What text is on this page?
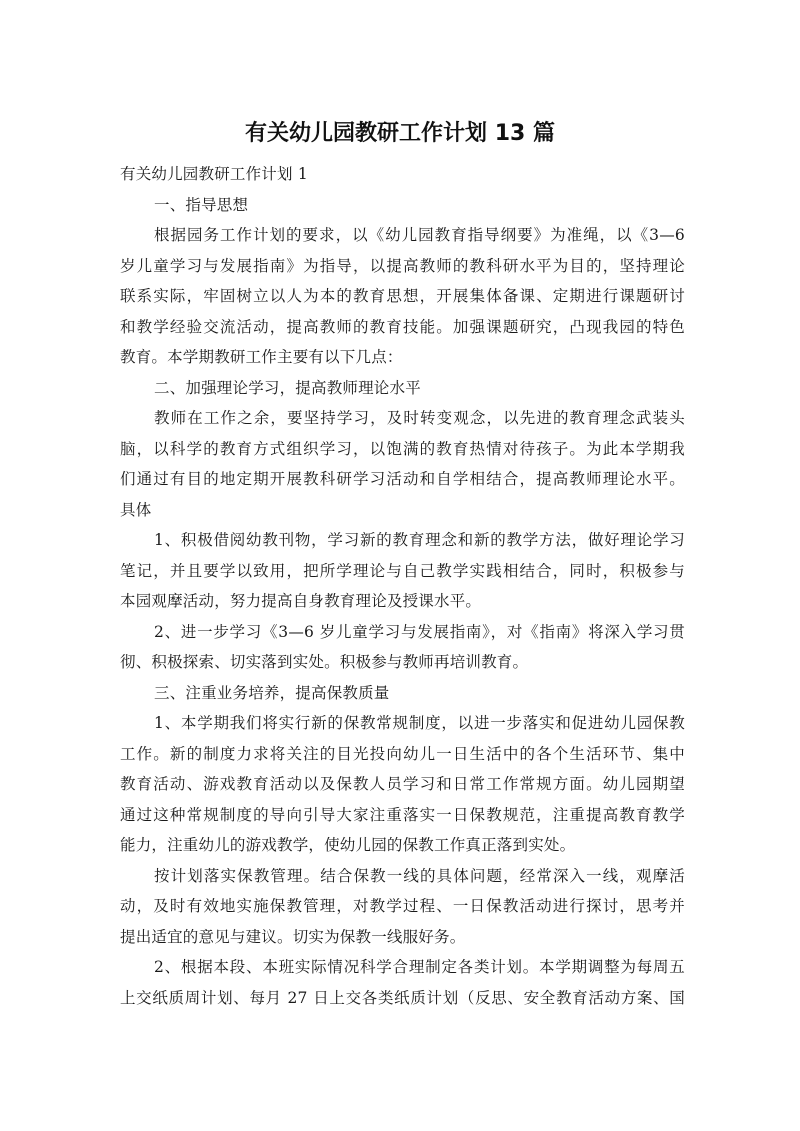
有关幼儿园教研工作计划 13 篇
有关幼儿园教研工作计划 1
一、指导思想
根据园务工作计划的要求，以《幼儿园教育指导纲要》为准绳，以《3—6
岁儿童学习与发展指南》为指导，以提高教师的教科研水平为目的，坚持理论
联系实际，牢固树立以人为本的教育思想，开展集体备课、定期进行课题研讨
和教学经验交流活动，提高教师的教育技能。加强课题研究，凸现我园的特色
教育。本学期教研工作主要有以下几点：
二、加强理论学习，提高教师理论水平
教师在工作之余，要坚持学习，及时转变观念，以先进的教育理念武装头
脑，以科学的教育方式组织学习，以饱满的教育热情对待孩子。为此本学期我
们通过有目的地定期开展教科研学习活动和自学相结合，提高教师理论水平。
具体
1、积极借阅幼教刊物，学习新的教育理念和新的教学方法，做好理论学习
笔记，并且要学以致用，把所学理论与自己教学实践相结合，同时，积极参与
本园观摩活动，努力提高自身教育理论及授课水平。
2、进一步学习《3—6 岁儿童学习与发展指南》，对《指南》将深入学习贯
彻、积极探索、切实落到实处。积极参与教师再培训教育。
三、注重业务培养，提高保教质量
1、本学期我们将实行新的保教常规制度，以进一步落实和促进幼儿园保教
工作。新的制度力求将关注的目光投向幼儿一日生活中的各个生活环节、集中
教育活动、游戏教育活动以及保教人员学习和日常工作常规方面。幼儿园期望
通过这种常规制度的导向引导大家注重落实一日保教规范，注重提高教育教学
能力，注重幼儿的游戏教学，使幼儿园的保教工作真正落到实处。
按计划落实保教管理。结合保教一线的具体问题，经常深入一线，观摩活
动，及时有效地实施保教管理，对教学过程、一日保教活动进行探讨，思考并
提出适宜的意见与建议。切实为保教一线服好务。
2、根据本段、本班实际情况科学合理制定各类计划。本学期调整为每周五
上交纸质周计划、每月 27 日上交各类纸质计划（反思、安全教育活动方案、国
